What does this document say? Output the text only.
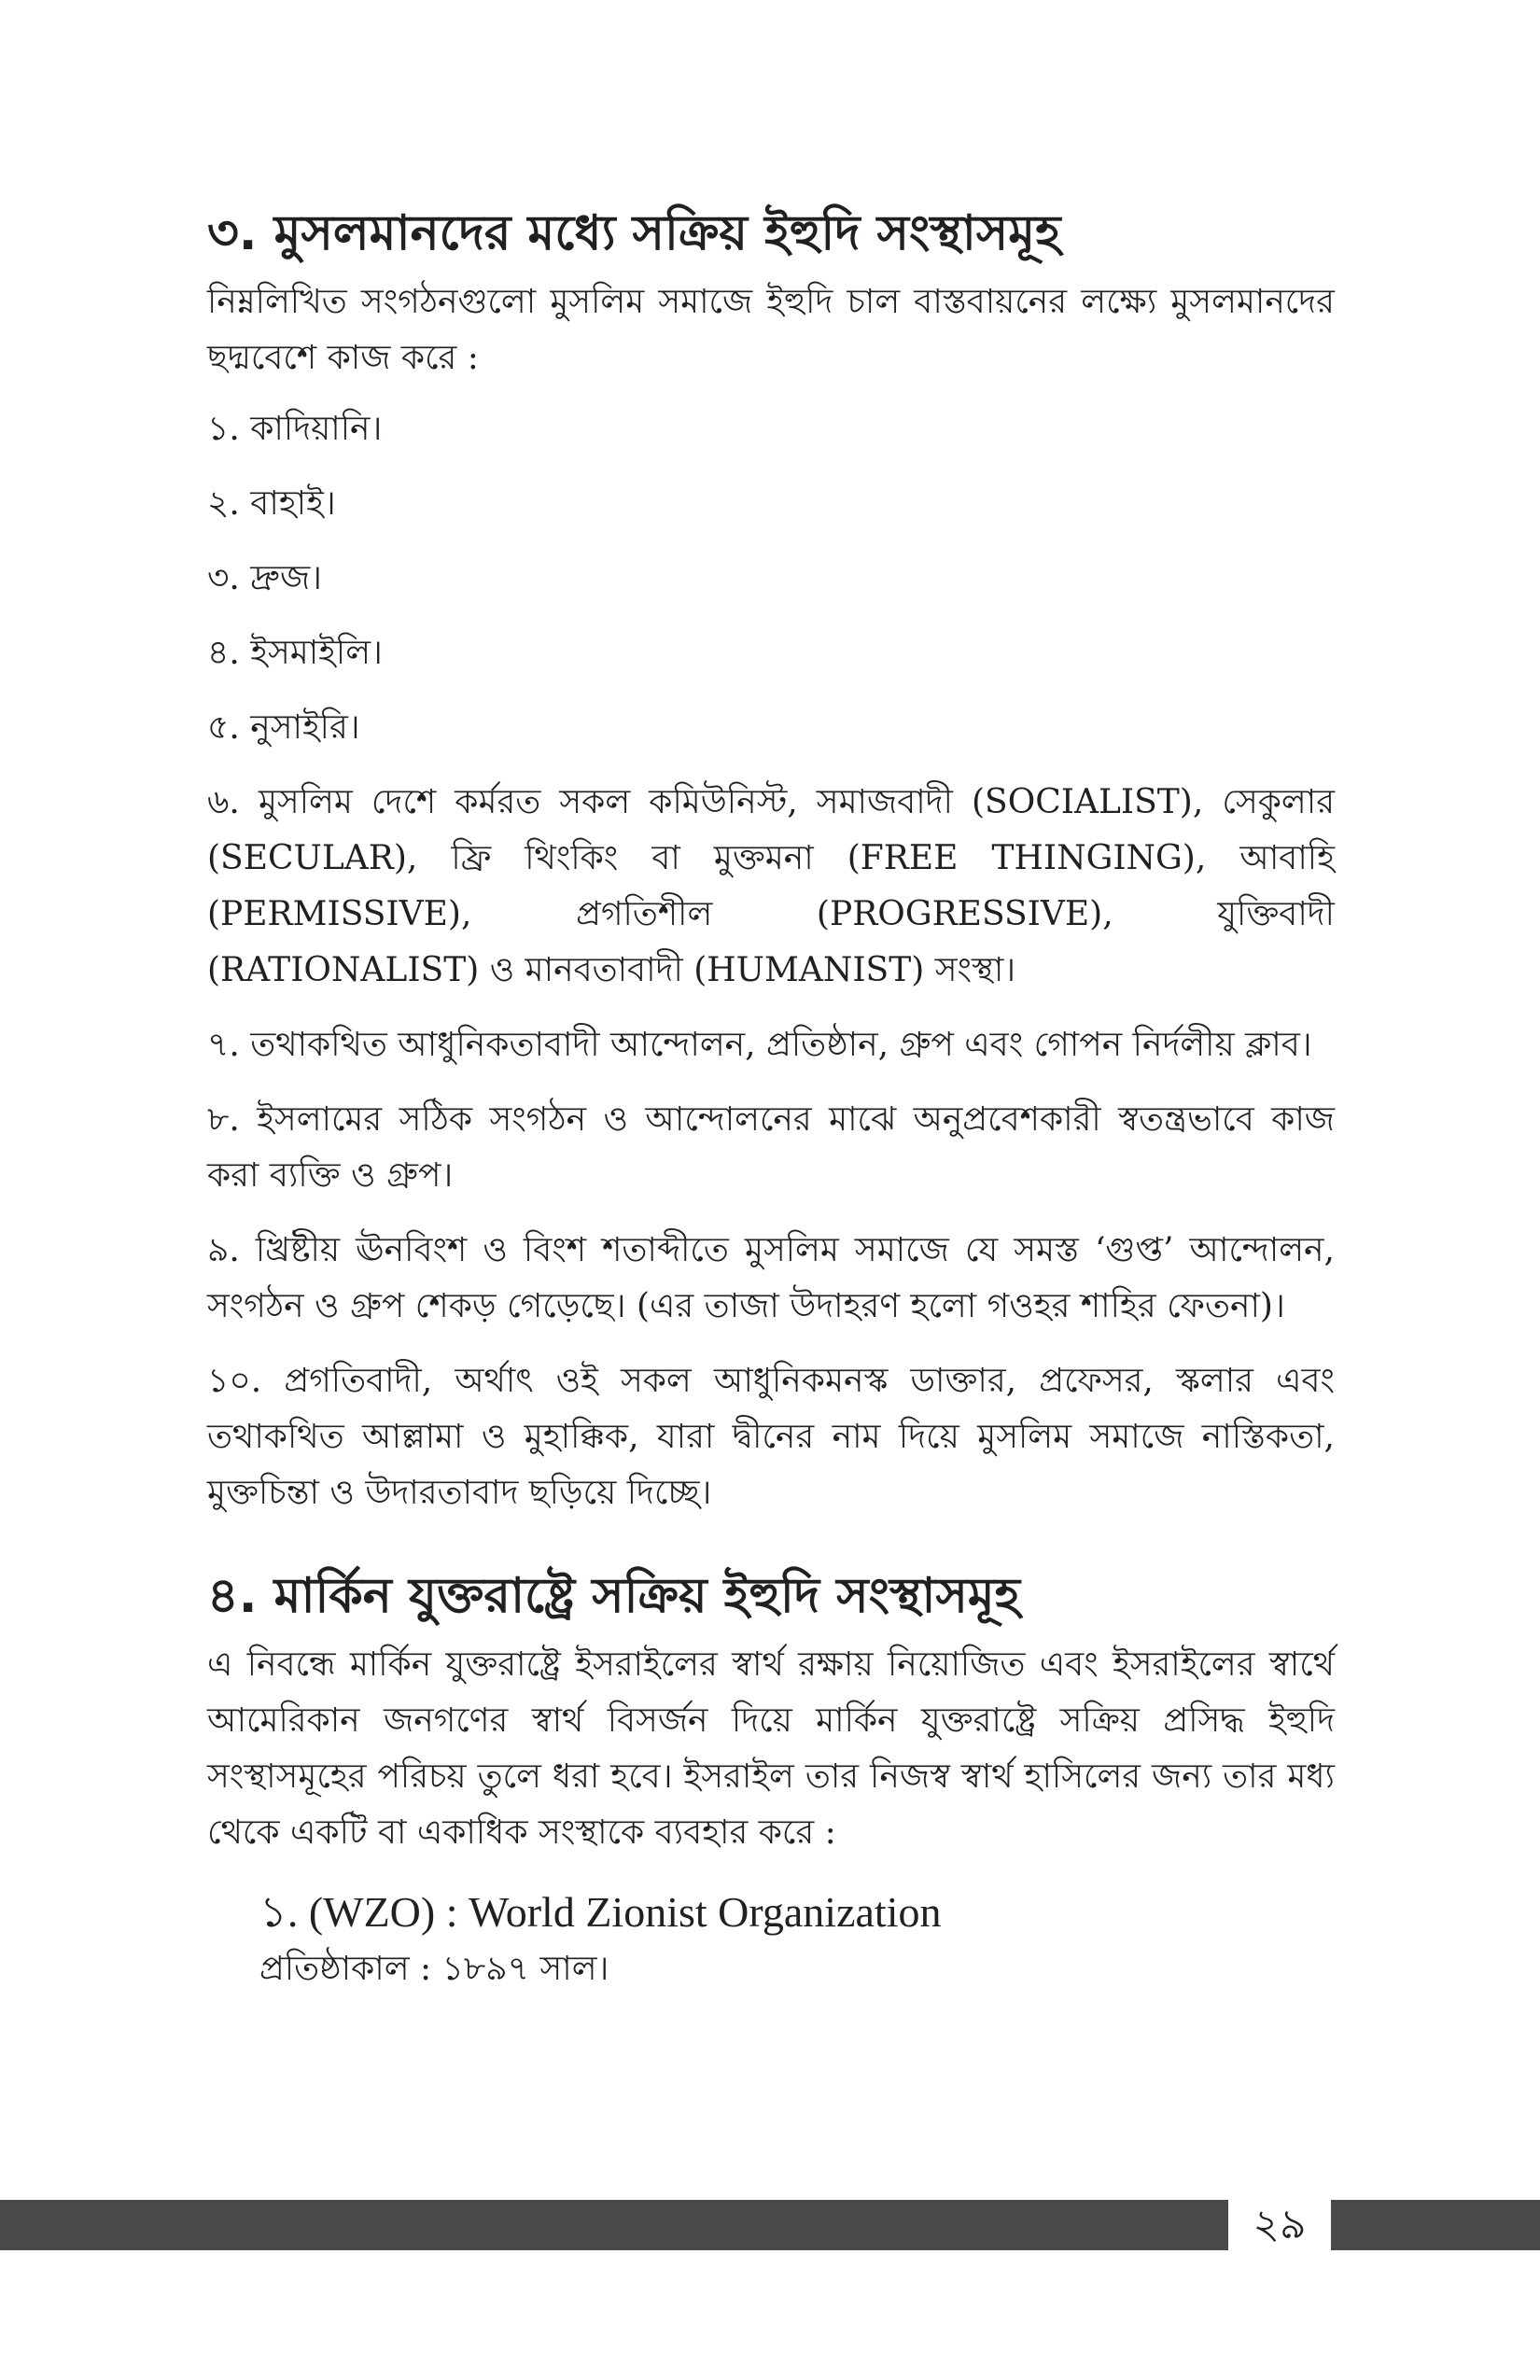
৩. মুসলমানদের মধ্যে সক্রিয় ইহুদি সংস্থাসমূহ

নিম্নলিখিত সংগঠনগুলো মুসলিম সমাজে ইহুদি চাল বাস্তবায়নের লক্ষ্যে মুসলমানদের ছদ্মবেশে কাজ করে :

১. কাদিয়ানি।
২. বাহাই।
৩. দ্রুজ।
৪. ইসমাইলি।
৫. নুসাইরি।
৬. মুসলিম দেশে কর্মরত সকল কমিউনিস্ট, সমাজবাদী (SOCIALIST), সেকুলার (SECULAR), ফ্রি থিংকিং বা মুক্তমনা (FREE THINGING), আবাহি (PERMISSIVE), প্রগতিশীল (PROGRESSIVE), যুক্তিবাদী (RATIONALIST) ও মানবতাবাদী (HUMANIST) সংস্থা।
৭. তথাকথিত আধুনিকতাবাদী আন্দোলন, প্রতিষ্ঠান, গ্রুপ এবং গোপন নির্দলীয় ক্লাব।
৮. ইসলামের সঠিক সংগঠন ও আন্দোলনের মাঝে অনুপ্রবেশকারী স্বতন্ত্রভাবে কাজ করা ব্যক্তি ও গ্রুপ।
৯. খ্রিষ্টীয় ঊনবিংশ ও বিংশ শতাব্দীতে মুসলিম সমাজে যে সমস্ত ‘গুপ্ত’ আন্দোলন, সংগঠন ও গ্রুপ শেকড় গেড়েছে। (এর তাজা উদাহরণ হলো গওহর শাহির ফেতনা)।
১০. প্রগতিবাদী, অর্থাৎ ওই সকল আধুনিকমনস্ক ডাক্তার, প্রফেসর, স্কলার এবং তথাকথিত আল্লামা ও মুহাক্কিক, যারা দ্বীনের নাম দিয়ে মুসলিম সমাজে নাস্তিকতা, মুক্তচিন্তা ও উদারতাবাদ ছড়িয়ে দিচ্ছে।
৪. মার্কিন যুক্তরাষ্ট্রে সক্রিয় ইহুদি সংস্থাসমূহ

এ নিবন্ধে মার্কিন যুক্তরাষ্ট্রে ইসরাইলের স্বার্থ রক্ষায় নিয়োজিত এবং ইসরাইলের স্বার্থে আমেরিকান জনগণের স্বার্থ বিসর্জন দিয়ে মার্কিন যুক্তরাষ্ট্রে সক্রিয় প্রসিদ্ধ ইহুদি সংস্থাসমূহের পরিচয় তুলে ধরা হবে। ইসরাইল তার নিজস্ব স্বার্থ হাসিলের জন্য তার মধ্য থেকে একটি বা একাধিক সংস্থাকে ব্যবহার করে :

১. (WZO) : World Zionist Organization
প্রতিষ্ঠাকাল : ১৮৯৭ সাল।
২৯
